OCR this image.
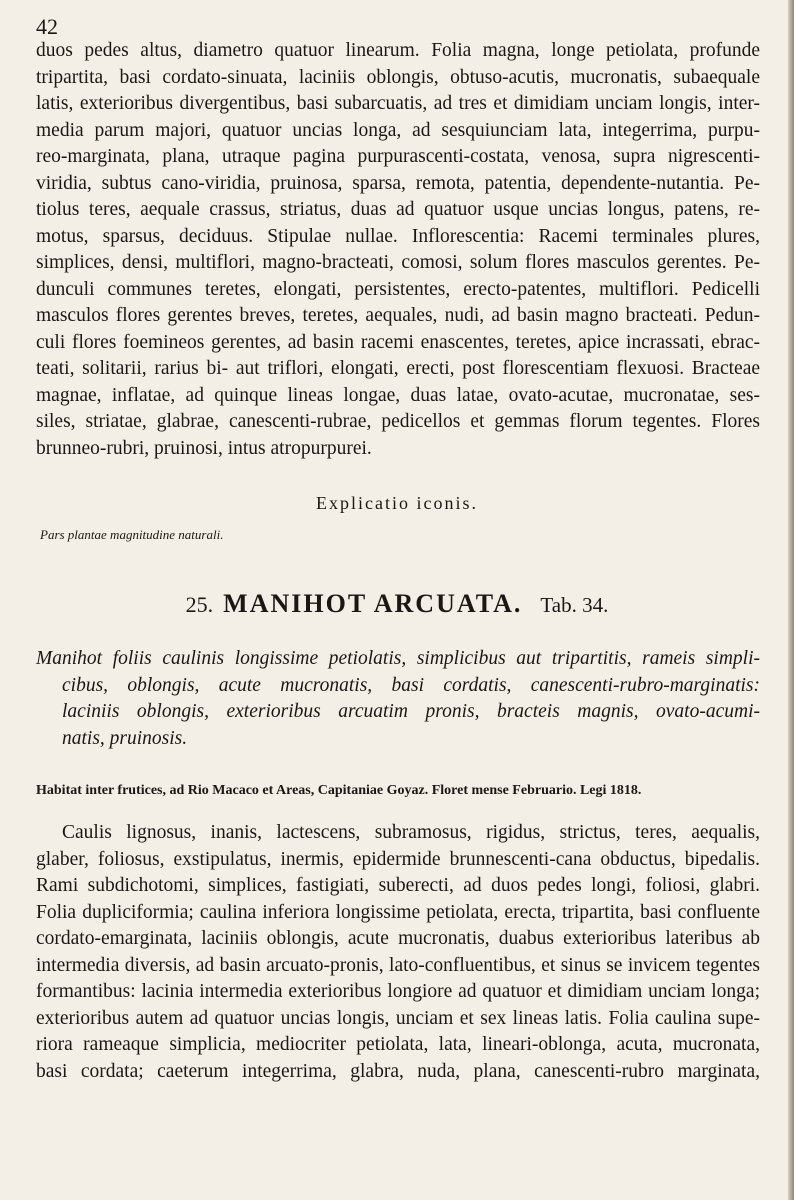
42
duos pedes altus, diametro quatuor linearum. Folia magna, longe petiolata, profunde
tripartita, basi cordato-sinuata, laciniis oblongis, obtuso-acutis, mucronatis, subaequale
latis, exterioribus divergentibus, basi subarcuatis, ad tres et dimidiam unciam longis, inter-
media parum majori, quatuor uncias longa, ad sesquiunciam lata, integerrima, purpu-
reo-marginata, plana, utraque pagina purpurascenti-costata, venosa, supra nigrescenti-
viridia, subtus cano-viridia, pruinosa, sparsa, remota, patentia, dependente-nutantia. Pe-
tiolus teres, aequale crassus, striatus, duas ad quatuor usque uncias longus, patens, re-
motus, sparsus, deciduus. Stipulae nullae. Inflorescentia: Racemi terminales plures,
simplices, densi, multiflori, magno-bracteati, comosi, solum flores masculos gerentes. Pe-
dunculi communes teretes, elongati, persistentes, erecto-patentes, multiflori. Pedicelli
masculos flores gerentes breves, teretes, aequales, nudi, ad basin magno bracteati. Pedun-
culi flores foemineos gerentes, ad basin racemi enascentes, teretes, apice incrassati, ebrac-
teati, solitarii, rarius bi- aut triflori, elongati, erecti, post florescentiam flexuosi. Bracteae
magnae, inflatae, ad quinque lineas longae, duas latae, ovato-acutae, mucronatae, ses-
siles, striatae, glabrae, canescenti-rubrae, pedicellos et gemmas florum tegentes. Flores
brunneo-rubri, pruinosi, intus atropurpurei.
Explicatio iconis.
Pars plantae magnitudine naturali.
25. MANIHOT ARCUATA. Tab. 34.
Manihot foliis caulinis longissime petiolatis, simplicibus aut tripartitis, rameis simpli-
cibus, oblongis, acute mucronatis, basi cordatis, canescenti-rubro-marginatis:
laciniis oblongis, exterioribus arcuatim pronis, bracteis magnis, ovato-acumi-
natis, pruinosis.
Habitat inter frutices, ad Rio Macaco et Areas, Capitaniae Goyaz. Floret mense Februario. Legi 1818.
Caulis lignosus, inanis, lactescens, subramosus, rigidus, strictus, teres, aequalis,
glaber, foliosus, exstipulatus, inermis, epidermide brunnescenti-cana obductus, bipedalis.
Rami subdichotomi, simplices, fastigiati, suberecti, ad duos pedes longi, foliosi, glabri.
Folia dupliciformia; caulina inferiora longissime petiolata, erecta, tripartita, basi confluente
cordato-emarginata, laciniis oblongis, acute mucronatis, duabus exterioribus lateribus ab
intermedia diversis, ad basin arcuato-pronis, lato-confluentibus, et sinus se invicem tegentes
formantibus: lacinia intermedia exterioribus longiore ad quatuor et dimidiam unciam longa;
exterioribus autem ad quatuor uncias longis, unciam et sex lineas latis. Folia caulina supe-
riora rameaque simplicia, mediocriter petiolata, lata, lineari-oblonga, acuta, mucronata,
basi cordata; caeterum integerrima, glabra, nuda, plana, canescenti-rubro marginata,
